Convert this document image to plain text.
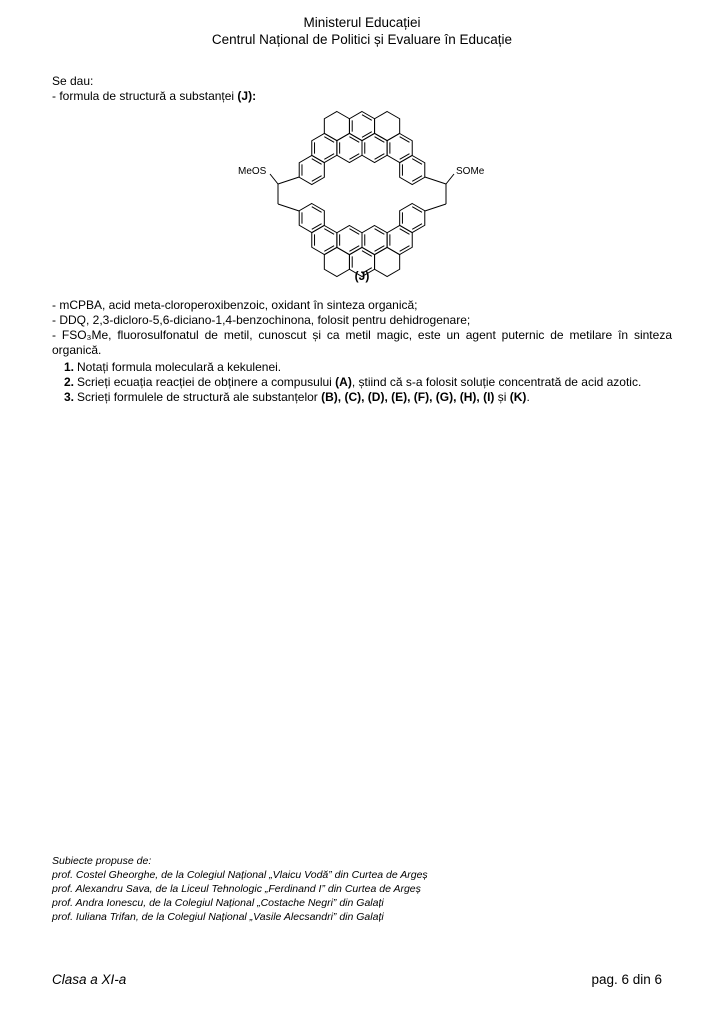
Ministerul Educației
Centrul Național de Politici și Evaluare în Educație
Se dau:
- formula de structură a substanței (J):
MeOS	SOMe
(J)
- mCPBA, acid meta-cloroperoxibenzoic, oxidant în sinteza organică;
- DDQ, 2,3-dicloro-5,6-diciano-1,4-benzochinona, folosit pentru dehidrogenare;
- FSO₃Me, fluorosulfonatul de metil, cunoscut și ca metil magic, este un agent puternic de metilare în sinteza organică.
1. Notați formula moleculară a kekulenei.
2. Scrieți ecuația reacției de obținere a compusului (A), știind că s-a folosit soluție concentrată de acid azotic.
3. Scrieți formulele de structură ale substanțelor (B), (C), (D), (E), (F), (G), (H), (I) și (K).
Subiecte propuse de:
prof. Costel Gheorghe, de la Colegiul Național „Vlaicu Vodă” din Curtea de Argeș
prof. Alexandru Sava, de la Liceul Tehnologic „Ferdinand I” din Curtea de Argeș
prof. Andra Ionescu, de la Colegiul Național „Costache Negri” din Galați
prof. Iuliana Trifan, de la Colegiul Național „Vasile Alecsandri” din Galați
Clasa a XI-a	pag. 6 din 6
